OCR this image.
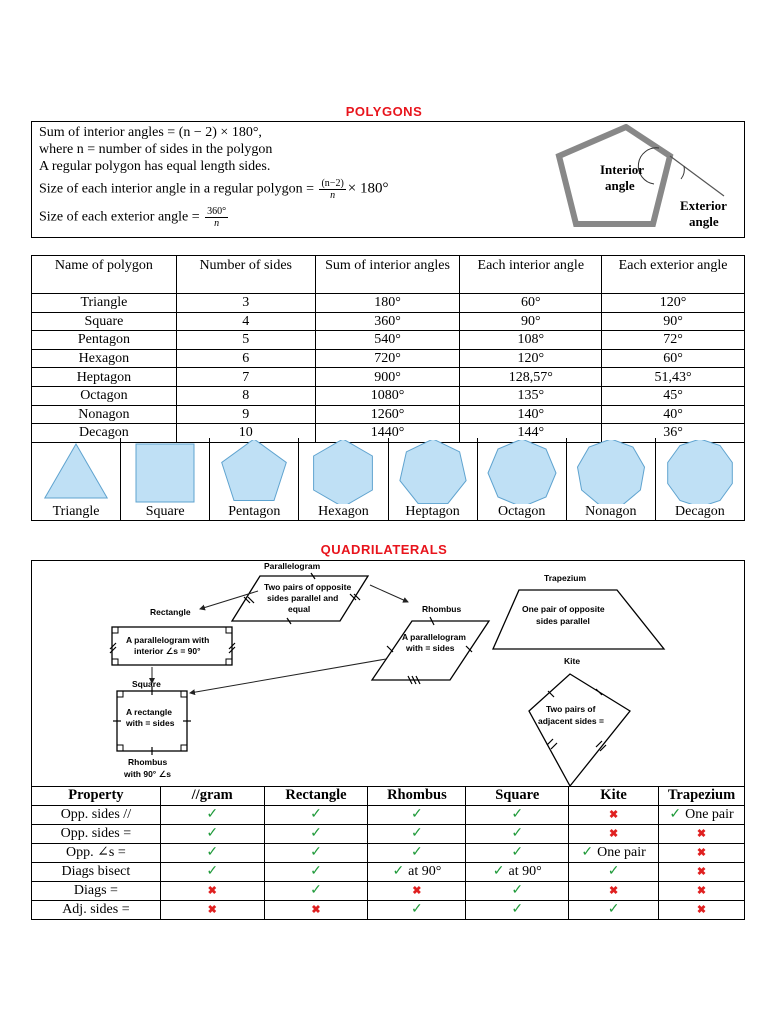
POLYGONS
Sum of interior angles = (n − 2) × 180°,
where n = number of sides in the polygon
A regular polygon has equal length sides.
Size of each interior angle in a regular polygon = $\frac{(n-2)}{n} \times 180^\circ$
Size of each exterior angle = $\frac{360^\circ}{n}$
Interior
angle
Exterior
angle
Name of polygon	Number of sides	Sum of interior angles	Each interior angle	Each exterior angle
Triangle	3	180°	60°	120°
Square	4	360°	90°	90°
Pentagon	5	540°	108°	72°
Hexagon	6	720°	120°	60°
Heptagon	7	900°	128,57°	51,43°
Octagon	8	1080°	135°	45°
Nonagon	9	1260°	140°	40°
Decagon	10	1440°	144°	36°
Triangle	Square	Pentagon	Hexagon	Heptagon	Octagon	Nonagon	Decagon
QUADRILATERALS
Parallelogram
Two pairs of opposite
sides parallel and
equal
Rectangle
A parallelogram with
interior ∠s = 90°
Rhombus
A parallelogram
with = sides
Trapezium
One pair of opposite
sides parallel
Square
A rectangle
with = sides
Rhombus
with 90° ∠s
Kite
Two pairs of
adjacent sides =
Property	//gram	Rectangle	Rhombus	Square	Kite	Trapezium
Opp. sides //	✓	✓	✓	✓	✖	✓ One pair
Opp. sides =	✓	✓	✓	✓	✖	✖
Opp. ∠s =	✓	✓	✓	✓	✓ One pair	✖
Diags bisect	✓	✓	✓ at 90°	✓ at 90°	✓	✖
Diags =	✖	✓	✖	✓	✖	✖
Adj. sides =	✖	✖	✓	✓	✓	✖
